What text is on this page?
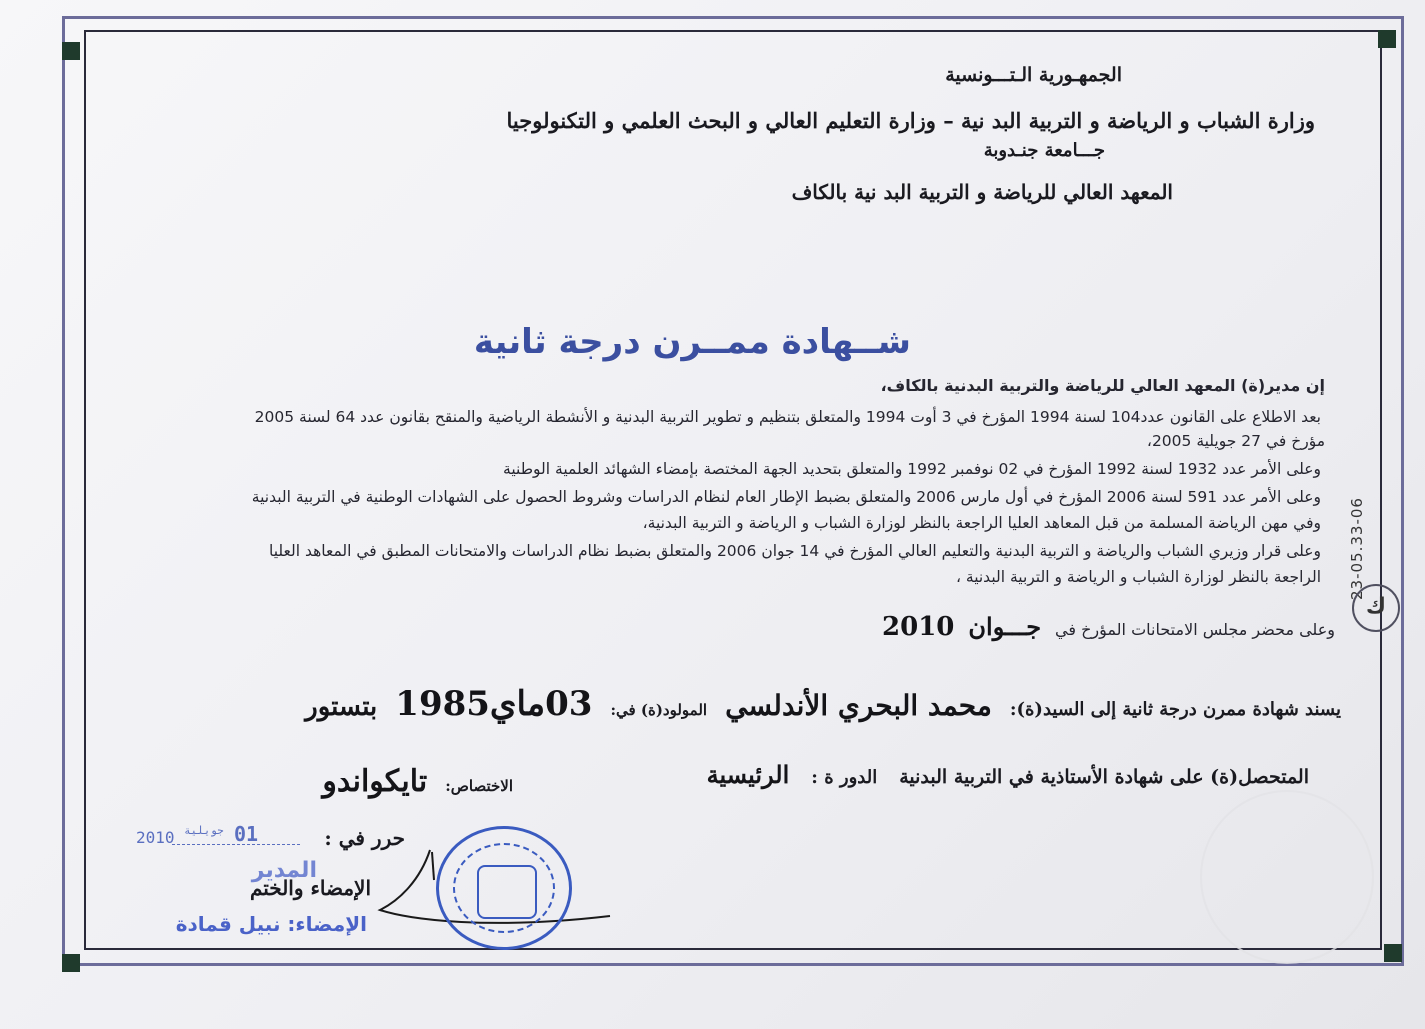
الجمهـورية الـتـــونسية
وزارة الشباب و الرياضة و التربية البد نية – وزارة التعليم العالي و البحث العلمي و التكنولوجيا
جـــامعة جنـدوبة
المعهد العالي للرياضة و التربية البد نية بالكاف
شــهادة ممــرن درجة ثانية
إن مدير(ة) المعهد العالي للرياضة والتربية البدنية بالكاف،
بعد الاطلاع على القانون عدد104 لسنة 1994 المؤرخ في 3 أوت 1994 والمتعلق بتنظيم و تطوير التربية البدنية و الأنشطة الرياضية والمنقح بقانون عدد 64 لسنة 2005
مؤرخ في 27 جويلية 2005،
وعلى الأمر عدد 1932 لسنة 1992 المؤرخ في 02 نوفمبر 1992 والمتعلق بتحديد الجهة المختصة بإمضاء الشهائد العلمية الوطنية
وعلى الأمر عدد 591 لسنة 2006 المؤرخ في أول مارس 2006 والمتعلق بضبط الإطار العام لنظام الدراسات وشروط الحصول على الشهادات الوطنية في التربية البدنية
وفي مهن الرياضة المسلمة من قبل المعاهد العليا الراجعة بالنظر لوزارة الشباب و الرياضة و التربية البدنية،
وعلى قرار وزيري الشباب والرياضة و التربية البدنية والتعليم العالي المؤرخ في 14 جوان 2006 والمتعلق بضبط نظام الدراسات والامتحانات المطبق في المعاهد العليا
الراجعة بالنظر لوزارة الشباب و الرياضة و التربية البدنية ،
وعلى محضر مجلس الامتحانات المؤرخ في
جـــوان
2010
يسند شهادة ممرن درجة ثانية إلى السيد(ة):
محمد البحري الأندلسي
المولود(ة) في:
03ماي1985
بتستور
المتحصل(ة) على شهادة الأستاذية في التربية البدنية
الدور ة :
الرئيسية
الاختصاص:
تايكواندو
حرر في :
2010 جويلية 01
المدير
الإمضاء والختم
الإمضاء: نبيل قمادة
23-05.33-06
ك
